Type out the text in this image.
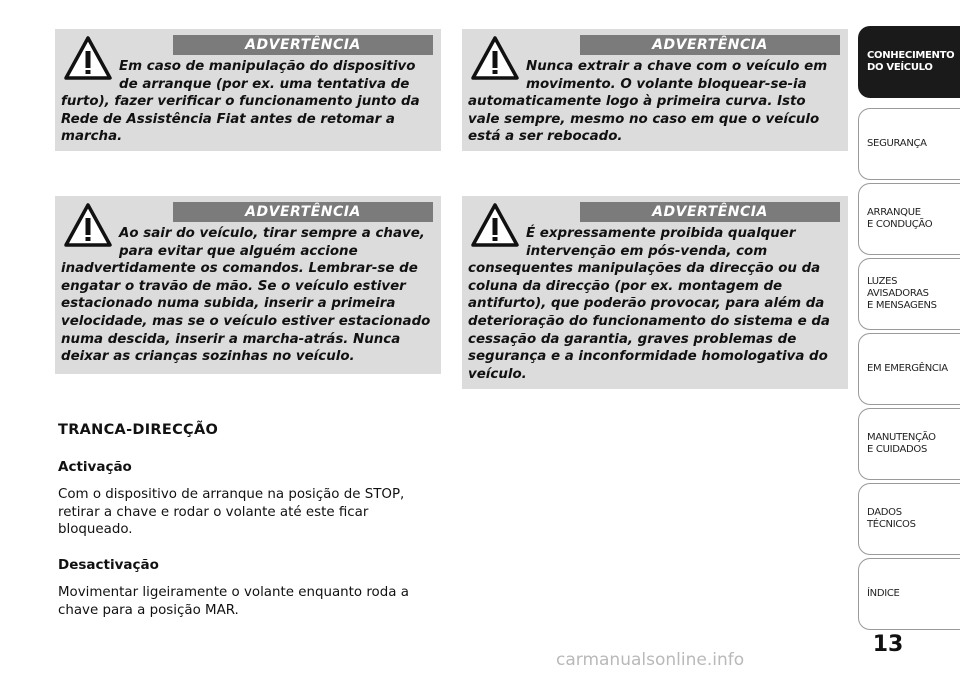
ADVERTÊNCIA
Em caso de manipulação do dispositivo de arranque (por ex. uma tentativa de
furto), fazer verificar o funcionamento junto da Rede de Assistência Fiat antes de retomar a marcha.
ADVERTÊNCIA
Nunca extrair a chave com o veículo em movimento. O volante bloquear-se-ia
automaticamente logo à primeira curva. Isto vale sempre, mesmo no caso em que o veículo está a ser rebocado.
ADVERTÊNCIA
Ao sair do veículo, tirar sempre a chave, para evitar que alguém accione
inadvertidamente os comandos. Lembrar-se de engatar o travão de mão. Se o veículo estiver estacionado numa subida, inserir a primeira velocidade, mas se o veículo estiver estacionado numa descida, inserir a marcha-atrás. Nunca deixar as crianças sozinhas no veículo.
ADVERTÊNCIA
É expressamente proibida qualquer intervenção em pós-venda, com
consequentes manipulações da direcção ou da coluna da direcção (por ex. montagem de antifurto), que poderão provocar, para além da deterioração do funcionamento do sistema e da cessação da garantia, graves problemas de segurança e a inconformidade homologativa do veículo.
TRANCA-DIRECÇÃO
Activação
Com o dispositivo de arranque na posição de STOP, retirar a chave e rodar o volante até este ficar bloqueado.
Desactivação
Movimentar ligeiramente o volante enquanto roda a chave para a posição MAR.
CONHECIMENTO
DO VEÍCULO
SEGURANÇA
ARRANQUE
E CONDUÇÃO
LUZES
AVISADORAS
E MENSAGENS
EM EMERGÊNCIA
MANUTENÇÃO
E CUIDADOS
DADOS
TÉCNICOS
ÍNDICE
13
carmanualsonline.info
